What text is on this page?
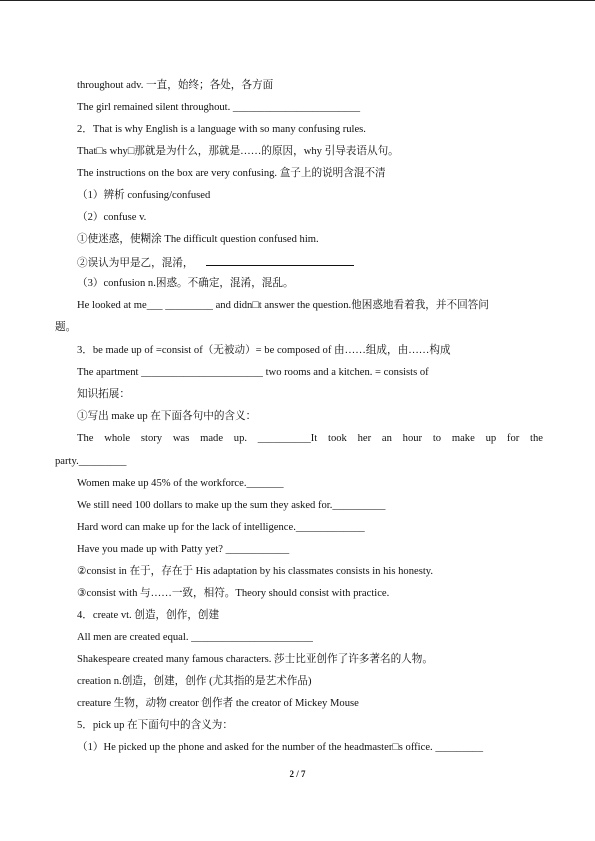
throughout adv. 一直，始终；各处，各方面
The girl remained silent throughout. ________________________
2．That is why English is a language with so many confusing rules.
That□s why□那就是为什么，那就是……的原因，why 引导表语从句。
The instructions on the box are very confusing. 盒子上的说明含混不清
（1）辨析 confusing/confused
（2）confuse v.
①使迷惑，使糊涂 The difficult question confused him.
②误认为甲是乙，混淆，
（3）confusion n.困惑。不确定，混淆，混乱。
He looked at me___ _________ and didn□t answer the question.他困惑地看着我，并不回答问
题。
3．be made up of =consist of（无被动）= be composed of 由……组成，由……构成
The apartment _______________________ two rooms and a kitchen. = consists of
知识拓展：
①写出 make up 在下面各句中的含义：
The whole story was made up. __________It took her an hour to make up for the
party._________
Women make up 45% of the workforce._______
We still need 100 dollars to make up the sum they asked for.__________
Hard word can make up for the lack of intelligence._____________
Have you made up with Patty yet? ____________
②consist in 在于，存在于 His adaptation by his classmates consists in his honesty.
③consist with 与……一致，相符。Theory should consist with practice.
4．create vt. 创造，创作，创建
All men are created equal. _______________________
Shakespeare created many famous characters. 莎士比亚创作了许多著名的人物。
creation n.创造，创建，创作 (尤其指的是艺术作品)
creature 生物，动物 creator 创作者 the creator of Mickey Mouse
5．pick up 在下面句中的含义为：
（1）He picked up the phone and asked for the number of the headmaster□s office. _________
2 / 7
